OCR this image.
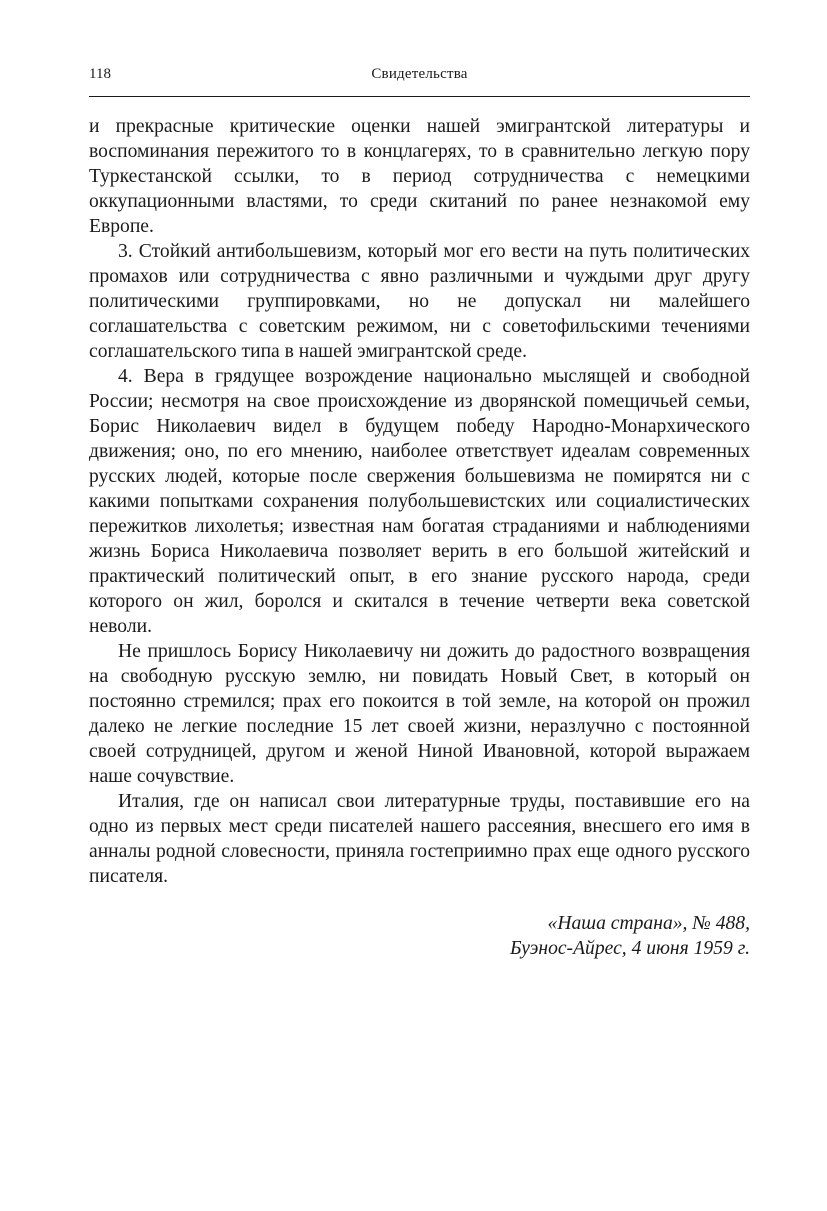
118	Свидетельства

и прекрасные критические оценки нашей эмигрантской литературы и воспоминания пережитого то в концлагерях, то в сравнительно легкую пору Туркестанской ссылки, то в период сотрудничества с немецкими оккупационными властями, то среди скитаний по ранее незнакомой ему Европе.

3. Стойкий антибольшевизм, который мог его вести на путь политических промахов или сотрудничества с явно различными и чуждыми друг другу политическими группировками, но не допускал ни малейшего соглашательства с советским режимом, ни с советофильскими течениями соглашательского типа в нашей эмигрантской среде.

4. Вера в грядущее возрождение национально мыслящей и свободной России; несмотря на свое происхождение из дворянской помещичьей семьи, Борис Николаевич видел в будущем победу Народно-Монархического движения; оно, по его мнению, наиболее ответствует идеалам современных русских людей, которые после свержения большевизма не помирятся ни с какими попытками сохранения полубольшевистских или социалистических пережитков лихолетья; известная нам богатая страданиями и наблюдениями жизнь Бориса Николаевича позволяет верить в его большой житейский и практический политический опыт, в его знание русского народа, среди которого он жил, боролся и скитался в течение четверти века советской неволи.

Не пришлось Борису Николаевичу ни дожить до радостного возвращения на свободную русскую землю, ни повидать Новый Свет, в который он постоянно стремился; прах его покоится в той земле, на которой он прожил далеко не легкие последние 15 лет своей жизни, неразлучно с постоянной своей сотрудницей, другом и женой Ниной Ивановной, которой выражаем наше сочувствие.

Италия, где он написал свои литературные труды, поставившие его на одно из первых мест среди писателей нашего рассеяния, внесшего его имя в анналы родной словесности, приняла гостеприимно прах еще одного русского писателя.

«Наша страна», № 488,
Буэнос-Айрес, 4 июня 1959 г.
